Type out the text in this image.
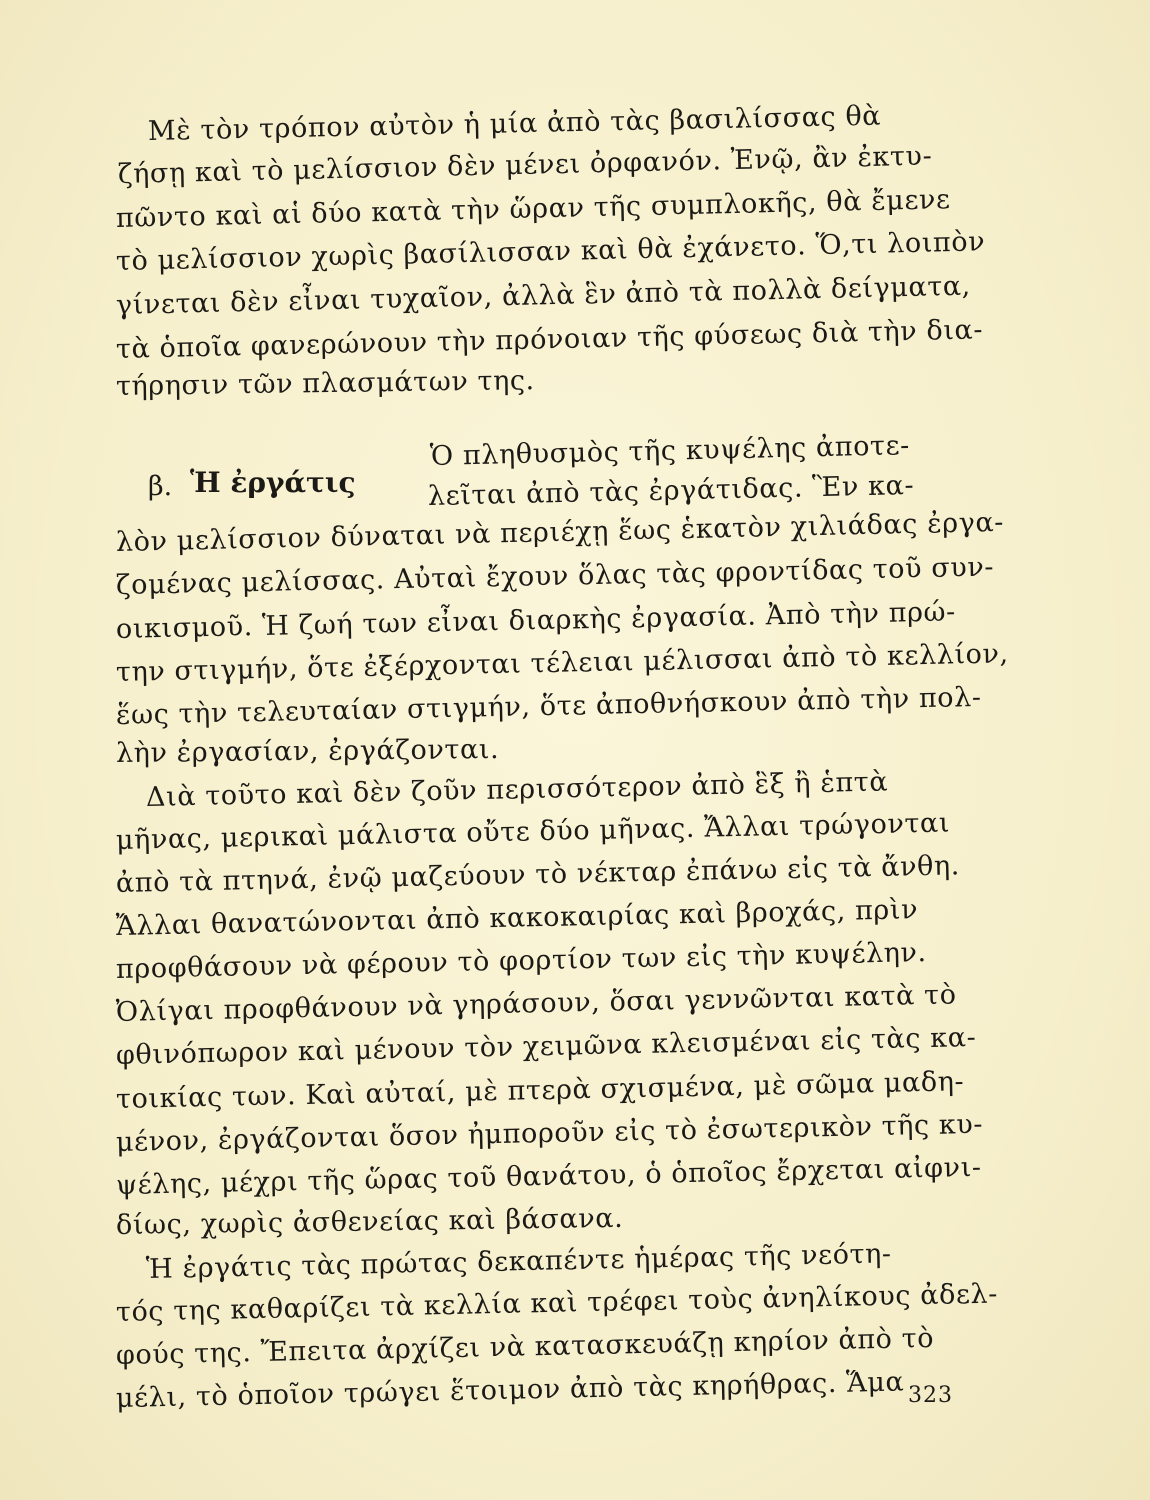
Μὲ τὸν τρόπον αὐτὸν ἡ μία ἀπὸ τὰς βασιλίσσας θὰ
ζήσῃ καὶ τὸ μελίσσιον δὲν μένει ὀρφανόν. Ἐνῷ, ἂν ἐκτυ-
πῶντο καὶ αἱ δύο κατὰ τὴν ὥραν τῆς συμπλοκῆς, θὰ ἔμενε
τὸ μελίσσιον χωρὶς βασίλισσαν καὶ θὰ ἐχάνετο. Ὅ,τι λοιπὸν
γίνεται δὲν εἶναι τυχαῖον, ἀλλὰ ἓν ἀπὸ τὰ πολλὰ δείγματα,
τὰ ὁποῖα φανερώνουν τὴν πρόνοιαν τῆς φύσεως διὰ τὴν δια-
τήρησιν τῶν πλασμάτων της.
Ὁ πληθυσμὸς τῆς κυψέλης ἀποτε-
β. Ἡ ἐργάτις	λεῖται ἀπὸ τὰς ἐργάτιδας. Ἓν κα-
λὸν μελίσσιον δύναται νὰ περιέχῃ ἕως ἑκατὸν χιλιάδας ἐργα-
ζομένας μελίσσας. Αὐταὶ ἔχουν ὅλας τὰς φροντίδας τοῦ συν-
οικισμοῦ. Ἡ ζωή των εἶναι διαρκὴς ἐργασία. Ἀπὸ τὴν πρώ-
την στιγμήν, ὅτε ἐξέρχονται τέλειαι μέλισσαι ἀπὸ τὸ κελλίον,
ἕως τὴν τελευταίαν στιγμήν, ὅτε ἀποθνήσκουν ἀπὸ τὴν πολ-
λὴν ἐργασίαν, ἐργάζονται.
Διὰ τοῦτο καὶ δὲν ζοῦν περισσότερον ἀπὸ ἓξ ἢ ἑπτὰ
μῆνας, μερικαὶ μάλιστα οὔτε δύο μῆνας. Ἄλλαι τρώγονται
ἀπὸ τὰ πτηνά, ἐνῷ μαζεύουν τὸ νέκταρ ἐπάνω εἰς τὰ ἄνθη.
Ἄλλαι θανατώνονται ἀπὸ κακοκαιρίας καὶ βροχάς, πρὶν
προφθάσουν νὰ φέρουν τὸ φορτίον των εἰς τὴν κυψέλην.
Ὀλίγαι προφθάνουν νὰ γηράσουν, ὅσαι γεννῶνται κατὰ τὸ
φθινόπωρον καὶ μένουν τὸν χειμῶνα κλεισμέναι εἰς τὰς κα-
τοικίας των. Καὶ αὐταί, μὲ πτερὰ σχισμένα, μὲ σῶμα μαδη-
μένον, ἐργάζονται ὅσον ἠμποροῦν εἰς τὸ ἐσωτερικὸν τῆς κυ-
ψέλης, μέχρι τῆς ὥρας τοῦ θανάτου, ὁ ὁποῖος ἔρχεται αἰφνι-
δίως, χωρὶς ἀσθενείας καὶ βάσανα.
Ἡ ἐργάτις τὰς πρώτας δεκαπέντε ἡμέρας τῆς νεότη-
τός της καθαρίζει τὰ κελλία καὶ τρέφει τοὺς ἀνηλίκους ἀδελ-
φούς της. Ἔπειτα ἀρχίζει νὰ κατασκευάζῃ κηρίον ἀπὸ τὸ
μέλι, τὸ ὁποῖον τρώγει ἕτοιμον ἀπὸ τὰς κηρήθρας. Ἅμα 323
